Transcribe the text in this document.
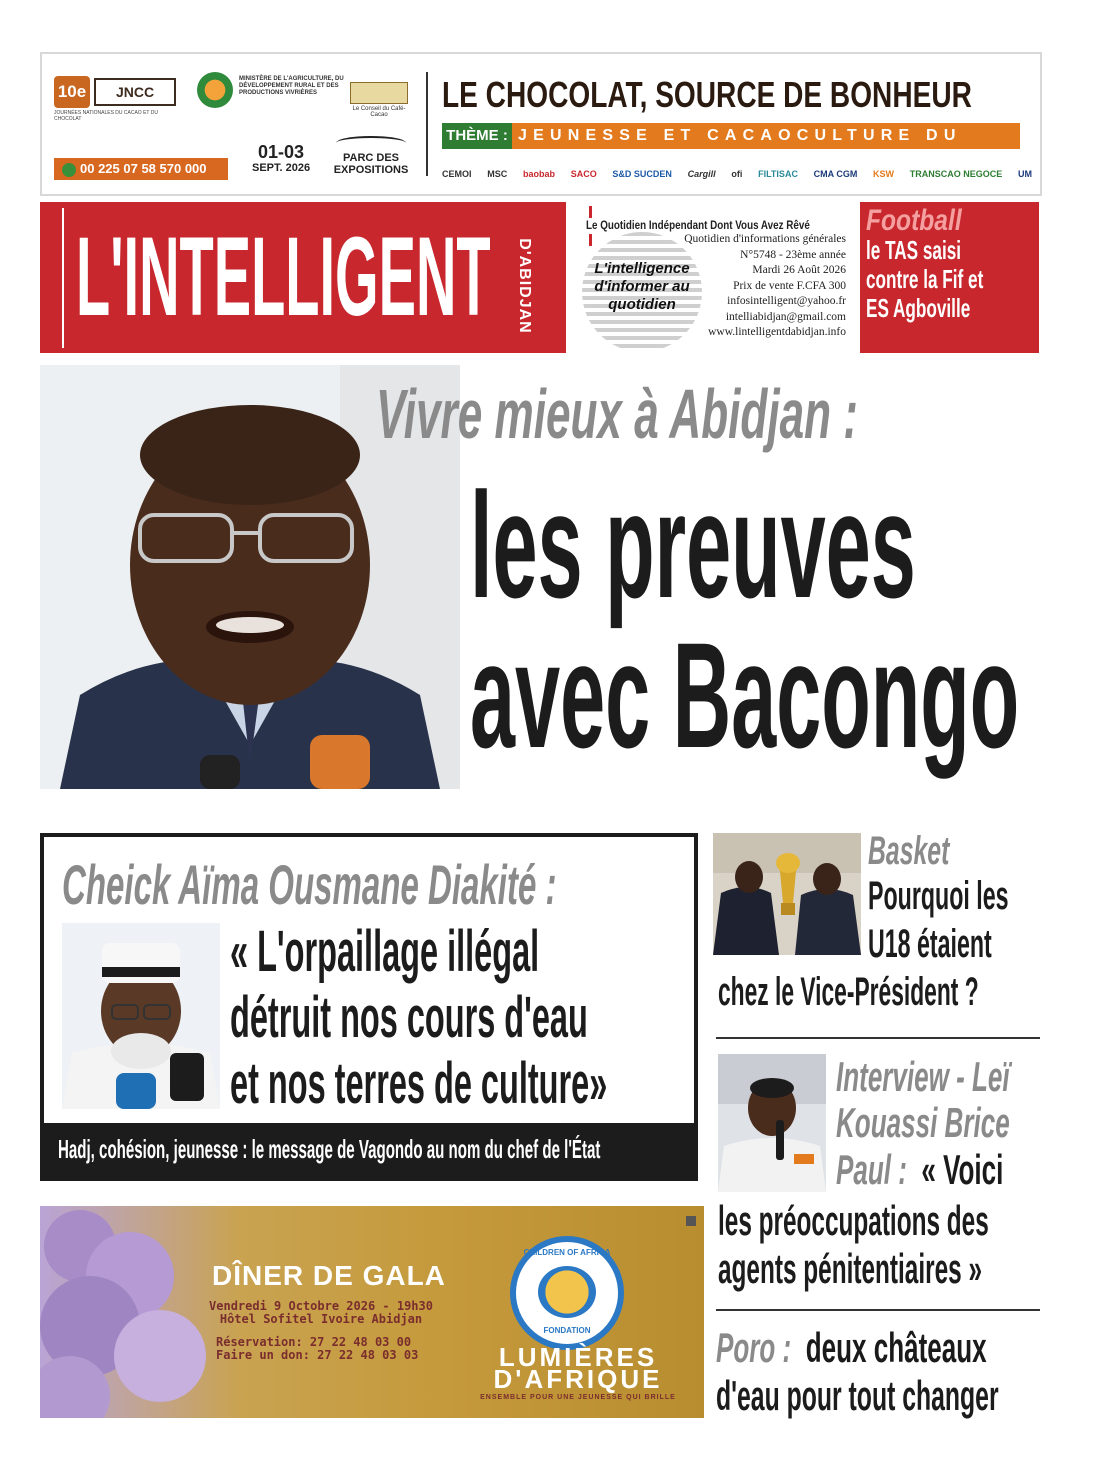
10e	JNCC
JOURNÉES NATIONALES DU CACAO ET DU CHOCOLAT
MINISTÈRE DE L'AGRICULTURE, DU DÉVELOPPEMENT RURAL ET DES PRODUCTIONS VIVRIÈRES
Le Conseil du Café-Cacao
00 225 07 58 570 000
01-03
SEPT. 2026
PARC DES EXPOSITIONS
LE CHOCOLAT, SOURCE DE BONHEUR
THÈME : JEUNESSE ET CACAOCULTURE DU FUTUR
CEMOI MSC baobab SACO S&D SUCDEN Cargill ofi FILTISAC CMA CGM KSW TRANSCAO NEGOCE UM
L'INTELLIGENT D'ABIDJAN
Le Quotidien Indépendant Dont Vous Avez Rêvé
L'intelligence
d'informer au
quotidien
Quotidien d'informations générales
N°5748 - 23ème année
Mardi 26 Août 2026
Prix de vente F.CFA 300
infosintelligent@yahoo.fr
intelliabidjan@gmail.com
www.lintelligentdabidjan.info
Football
le TAS saisi
contre la Fif et
ES Agboville
Vivre mieux à Abidjan :
les preuves
avec Bacongo
Cheick Aïma Ousmane Diakité :
« L'orpaillage illégal
détruit nos cours d'eau
et nos terres de culture»
Hadj, cohésion, jeunesse : le message de Vagondo au nom du chef de l'État
Basket
Pourquoi les
U18 étaient
chez le Vice-Président ?
Interview - Leï
Kouassi Brice
Paul : « Voici
les préoccupations des
agents pénitentiaires »
Poro : deux châteaux
d'eau pour tout changer
DÎNER DE GALA
Vendredi 9 Octobre 2026 - 19h30
Hôtel Sofitel Ivoire Abidjan
Réservation: 27 22 48 03 00
Faire un don: 27 22 48 03 03
CHILDREN OF AFRICA
FONDATION
LUMIÈRES
D'AFRIQUE
ENSEMBLE POUR UNE JEUNESSE QUI BRILLE
